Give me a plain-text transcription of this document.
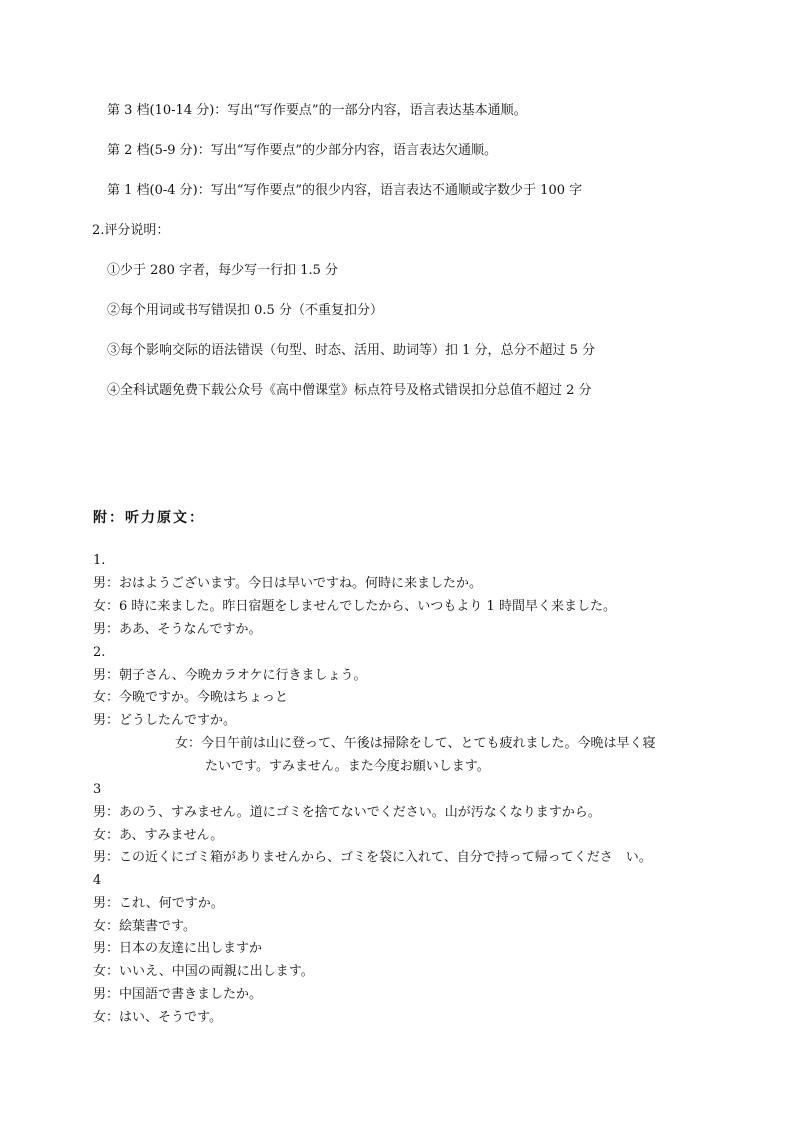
第 3 档(10-14 分)：写出“写作要点”的一部分内容，语言表达基本通顺。
第 2 档(5-9 分)：写出“写作要点”的少部分内容，语言表达欠通顺。
第 1 档(0-4 分)：写出“写作要点”的很少内容，语言表达不通顺或字数少于 100 字
2.评分说明：
①少于 280 字者，每少写一行扣 1.5 分
②每个用词或书写错误扣 0.5 分（不重复扣分）
③每个影响交际的语法错误（句型、时态、活用、助词等）扣 1 分，总分不超过 5 分
④全科试题免费下载公众号《高中僧课堂》标点符号及格式错误扣分总值不超过 2 分
附：听力原文：
1.
男：おはようございます。今日は早いですね。何時に来ましたか。
女：6 時に来ました。昨日宿題をしませんでしたから、いつもより 1 時間早く来ました。
男：ああ、そうなんですか。
2.
男：朝子さん、今晩カラオケに行きましょう。
女：今晩ですか。今晩はちょっと
男：どうしたんですか。
女：今日午前は山に登って、午後は掃除をして、とても疲れました。今晩は早く寝
たいです。すみません。また今度お願いします。
3
男：あのう、すみません。道にゴミを捨てないでください。山が汚なくなりますから。
女：あ、すみません。
男：この近くにゴミ箱がありませんから、ゴミを袋に入れて、自分で持って帰ってくださ　い。
4
男：これ、何ですか。
女：絵葉書です。
男：日本の友達に出しますか
女：いいえ、中国の両親に出します。
男：中国語で書きましたか。
女：はい、そうです。
